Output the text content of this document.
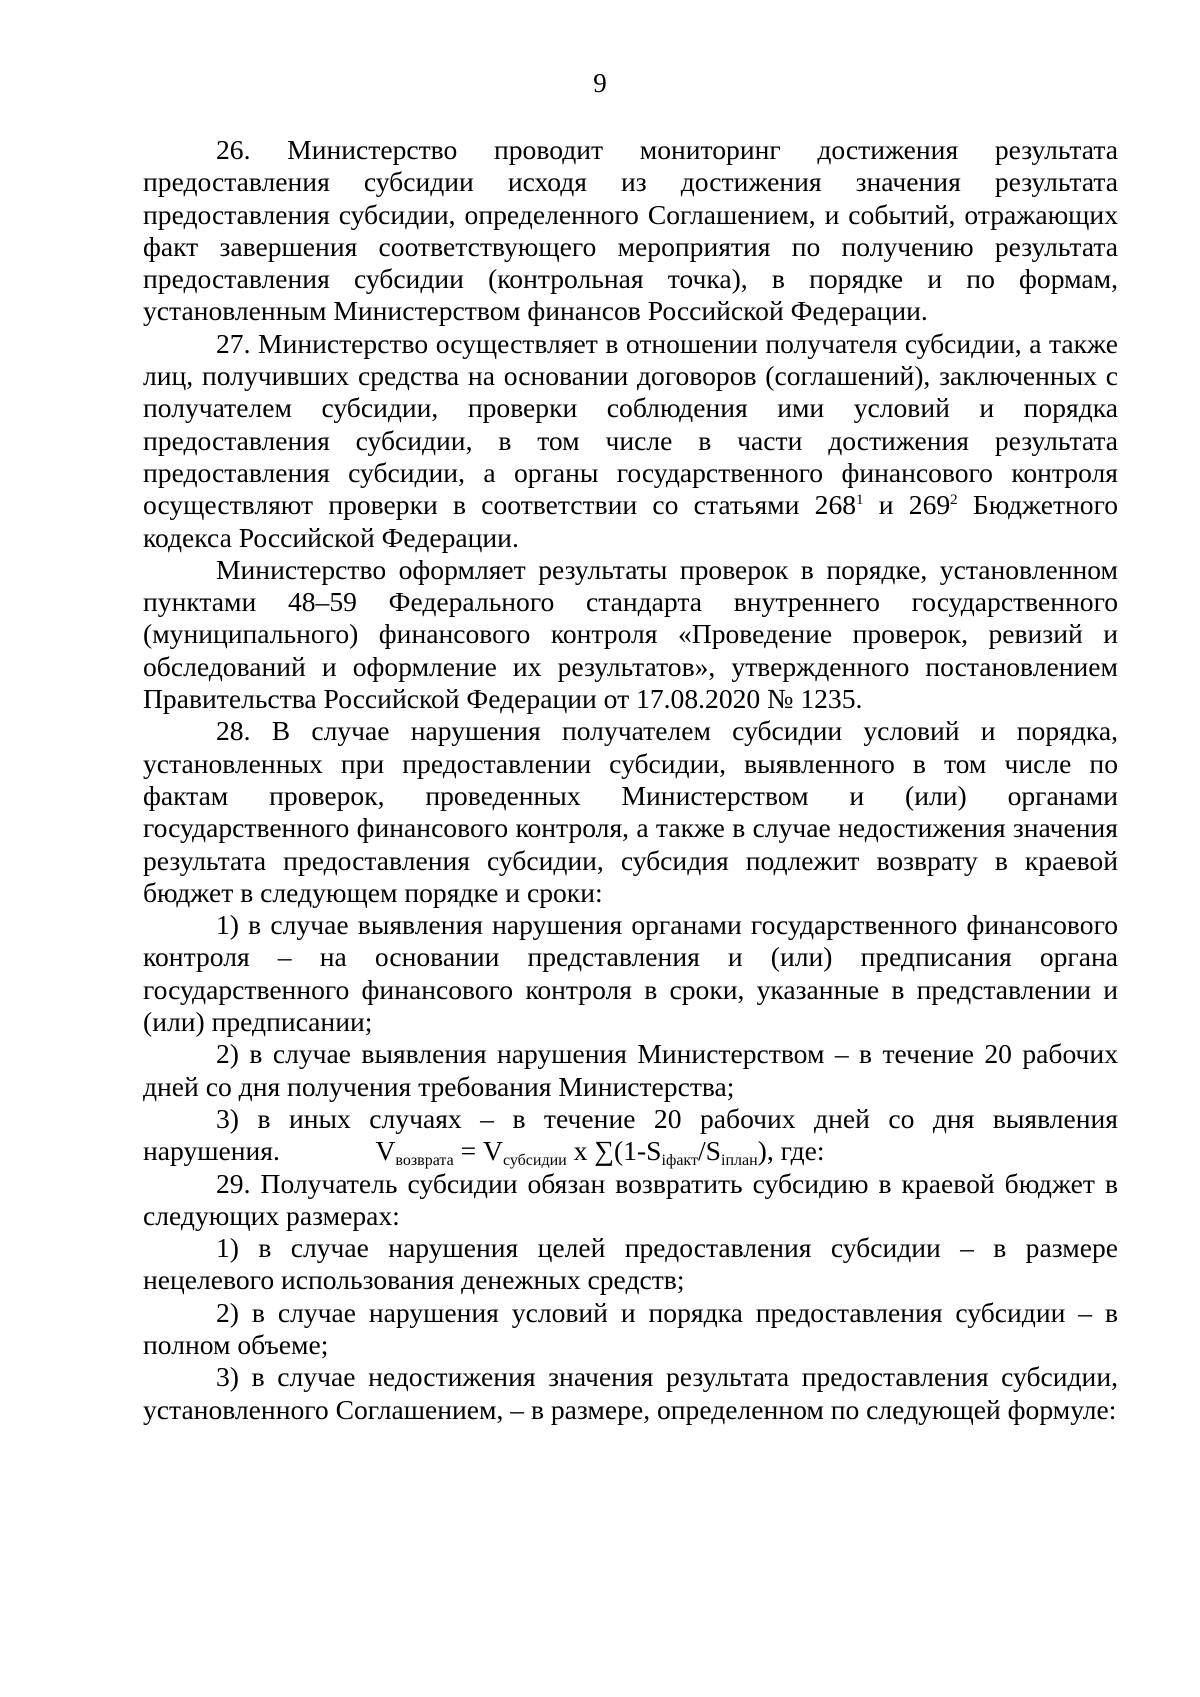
9

26. Министерство проводит мониторинг достижения результата предоставления субсидии исходя из достижения значения результата предоставления субсидии, определенного Соглашением, и событий, отражающих факт завершения соответствующего мероприятия по получению результата предоставления субсидии (контрольная точка), в порядке и по формам, установленным Министерством финансов Российской Федерации.

27. Министерство осуществляет в отношении получателя субсидии, а также лиц, получивших средства на основании договоров (соглашений), заключенных с получателем субсидии, проверки соблюдения ими условий и порядка предоставления субсидии, в том числе в части достижения результата предоставления субсидии, а органы государственного финансового контроля осуществляют проверки в соответствии со статьями $268^1$ и $269^2$ Бюджетного кодекса Российской Федерации.

Министерство оформляет результаты проверок в порядке, установленном пунктами 48–59 Федерального стандарта внутреннего государственного (муниципального) финансового контроля «Проведение проверок, ревизий и обследований и оформление их результатов», утвержденного постановлением Правительства Российской Федерации от 17.08.2020 № 1235.

28. В случае нарушения получателем субсидии условий и порядка, установленных при предоставлении субсидии, выявленного в том числе по фактам проверок, проведенных Министерством и (или) органами государственного финансового контроля, а также в случае недостижения значения результата предоставления субсидии, субсидия подлежит возврату в краевой бюджет в следующем порядке и сроки:

1) в случае выявления нарушения органами государственного финансового контроля – на основании представления и (или) предписания органа государственного финансового контроля в сроки, указанные в представлении и (или) предписании;

2) в случае выявления нарушения Министерством – в течение 20 рабочих дней со дня получения требования Министерства;

3) в иных случаях – в течение 20 рабочих дней со дня выявления нарушения.

29. Получатель субсидии обязан возвратить субсидию в краевой бюджет в следующих размерах:

1) в случае нарушения целей предоставления субсидии – в размере нецелевого использования денежных средств;

2) в случае нарушения условий и порядка предоставления субсидии – в полном объеме;

3) в случае недостижения значения результата предоставления субсидии, установленного Соглашением, – в размере, определенном по следующей формуле:

$V_{возврата} = V_{субсидии}$ x $\sum(1-S_{iфакт}/S_{iплан})$, где:
